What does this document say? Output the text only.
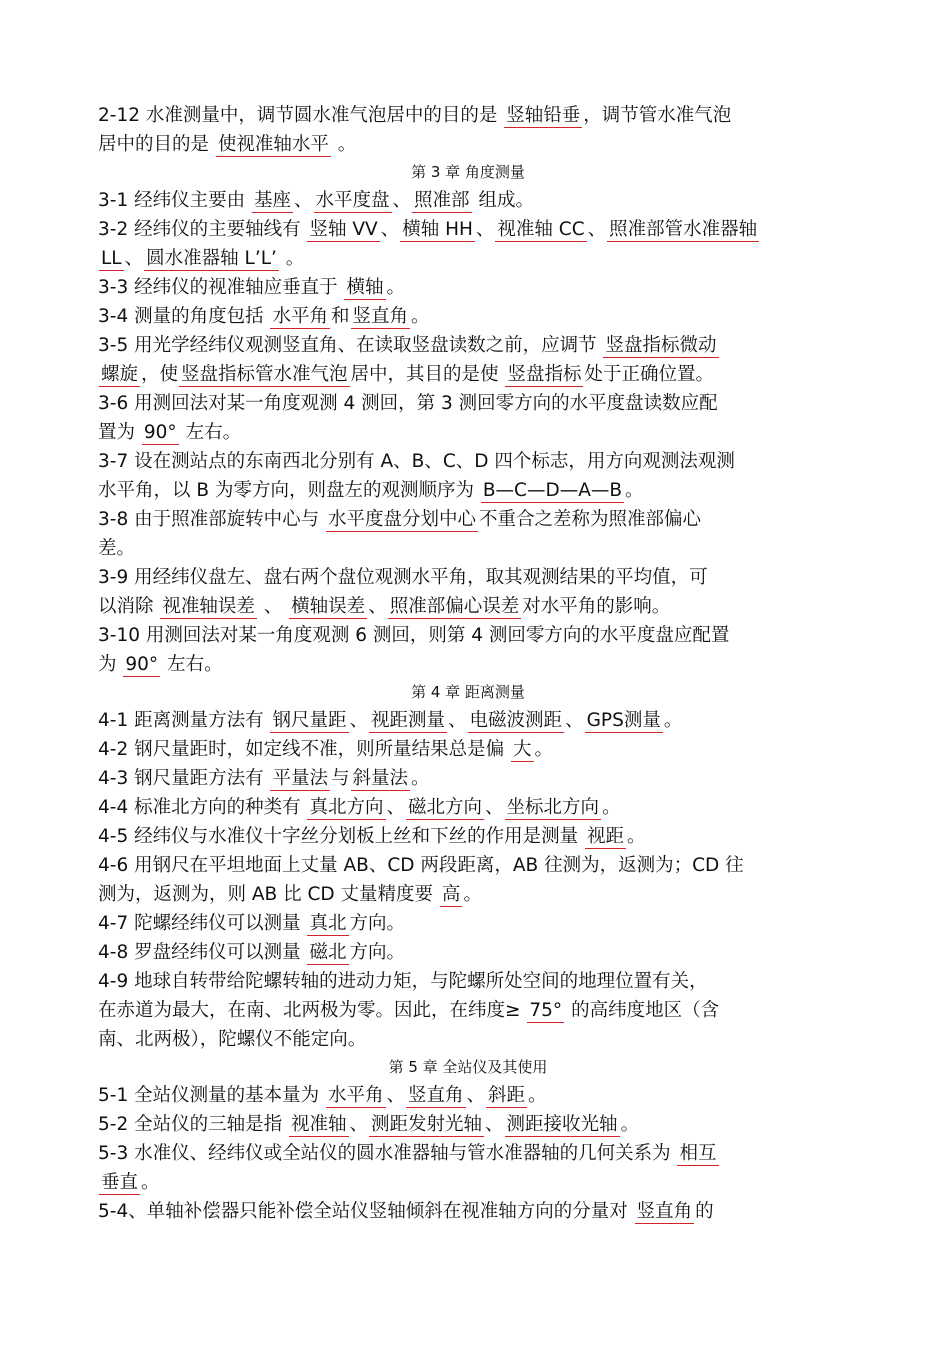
2-12 水准测量中，调节圆水准气泡居中的目的是 竖轴铅垂 ，调节管水准气泡
居中的目的是 使视准轴水平 。
第 3 章 角度测量
3-1 经纬仪主要由 基座 、 水平度盘 、 照准部 组成。
3-2 经纬仪的主要轴线有 竖轴 VV 、 横轴 HH 、 视准轴 CC 、 照准部管水准器轴
LL 、 圆水准器轴 L’L’ 。
3-3 经纬仪的视准轴应垂直于 横轴 。
3-4 测量的角度包括 水平角 和 竖直角 。
3-5 用光学经纬仪观测竖直角、在读取竖盘读数之前，应调节 竖盘指标微动
螺旋 ，使 竖盘指标管水准气泡 居中，其目的是使 竖盘指标 处于正确位置。
3-6 用测回法对某一角度观测 4 测回，第 3 测回零方向的水平度盘读数应配
置为 90° 左右。
3-7 设在测站点的东南西北分别有 A、B、C、D 四个标志，用方向观测法观测
水平角，以 B 为零方向，则盘左的观测顺序为 B—C—D—A—B 。
3-8 由于照准部旋转中心与 水平度盘分划中心 不重合之差称为照准部偏心
差。
3-9 用经纬仪盘左、盘右两个盘位观测水平角，取其观测结果的平均值，可
以消除 视准轴误差 、 横轴误差 、 照准部偏心误差 对水平角的影响。
3-10 用测回法对某一角度观测 6 测回，则第 4 测回零方向的水平度盘应配置
为 90° 左右。
第 4 章 距离测量
4-1 距离测量方法有 钢尺量距 、 视距测量 、 电磁波测距 、 GPS测量 。
4-2 钢尺量距时，如定线不准，则所量结果总是偏 大 。
4-3 钢尺量距方法有 平量法 与 斜量法 。
4-4 标准北方向的种类有 真北方向 、 磁北方向 、 坐标北方向 。
4-5 经纬仪与水准仪十字丝分划板上丝和下丝的作用是测量 视距 。
4-6 用钢尺在平坦地面上丈量 AB、CD 两段距离，AB 往测为，返测为；CD 往
测为，返测为，则 AB 比 CD 丈量精度要 高 。
4-7 陀螺经纬仪可以测量 真北 方向。
4-8 罗盘经纬仪可以测量 磁北 方向。
4-9 地球自转带给陀螺转轴的进动力矩，与陀螺所处空间的地理位置有关，
在赤道为最大，在南、北两极为零。因此，在纬度≥ 75° 的高纬度地区（含
南、北两极），陀螺仪不能定向。
第 5 章 全站仪及其使用
5-1 全站仪测量的基本量为 水平角 、 竖直角 、 斜距 。
5-2 全站仪的三轴是指 视准轴 、 测距发射光轴 、 测距接收光轴 。
5-3 水准仪、经纬仪或全站仪的圆水准器轴与管水准器轴的几何关系为 相互
垂直 。
5-4、单轴补偿器只能补偿全站仪竖轴倾斜在视准轴方向的分量对 竖直角 的
